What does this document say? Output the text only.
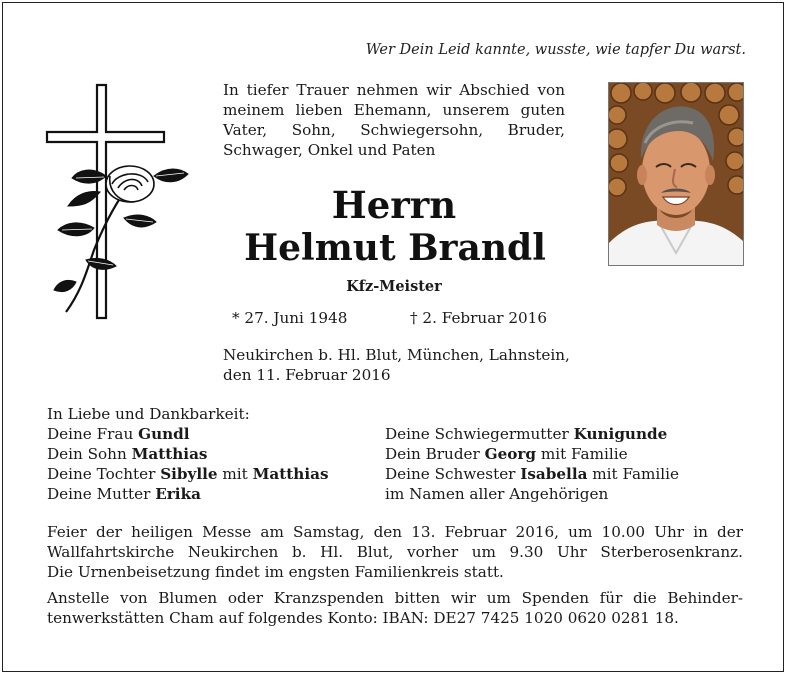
Wer Dein Leid kannte, wusste, wie tapfer Du warst.
In tiefer Trauer nehmen wir Abschied von meinem lieben Ehemann, unserem guten Vater, Sohn, Schwiegersohn, Bruder, Schwager, Onkel und Paten
Herrn
Helmut Brandl
Kfz-Meister
* 27. Juni 1948	† 2. Februar 2016
Neukirchen b. Hl. Blut, München, Lahnstein,
den 11. Februar 2016
In Liebe und Dankbarkeit:
Deine Frau Gundl
Dein Sohn Matthias
Deine Tochter Sibylle mit Matthias
Deine Mutter Erika
Deine Schwiegermutter Kunigunde
Dein Bruder Georg mit Familie
Deine Schwester Isabella mit Familie
im Namen aller Angehörigen

Feier der heiligen Messe am Samstag, den 13. Februar 2016, um 10.00 Uhr in der

Wallfahrtskirche Neukirchen b. Hl. Blut, vorher um 9.30 Uhr Sterberosenkranz.

Die Urnenbeisetzung findet im engsten Familienkreis statt.

Anstelle von Blumen oder Kranzspenden bitten wir um Spenden für die Behinder-
tenwerkstätten Cham auf folgendes Konto: IBAN: DE27 7425 1020 0620 0281 18.
